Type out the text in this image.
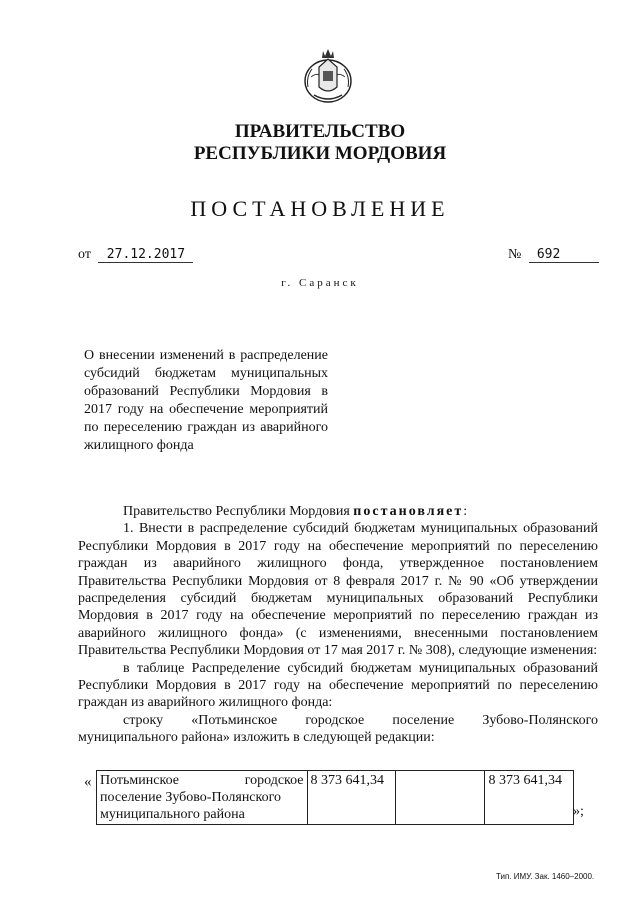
ПРАВИТЕЛЬСТВО
РЕСПУБЛИКИ МОРДОВИЯ
ПОСТАНОВЛЕНИЕ
от 27.12.2017	№ 692
г. Саранск
О внесении изменений в распределение субсидий бюджетам муниципальных образований Республики Мордовия в 2017 году на обеспечение мероприятий по переселению граждан из аварийного жилищного фонда

Правительство Республики Мордовия постановляет:

1. Внести в распределение субсидий бюджетам муниципальных образований Республики Мордовия в 2017 году на обеспечение мероприятий по переселению граждан из аварийного жилищного фонда, утвержденное постановлением Правительства Республики Мордовия от 8 февраля 2017 г. № 90 «Об утверждении распределения субсидий бюджетам муниципальных образований Республики Мордовия в 2017 году на обеспечение мероприятий по переселению граждан из аварийного жилищного фонда» (с изменениями, внесенными постановлением Правительства Республики Мордовия от 17 мая 2017 г. № 308), следующие изменения:

в таблице Распределение субсидий бюджетам муниципальных образований Республики Мордовия в 2017 году на обеспечение мероприятий по переселению граждан из аварийного жилищного фонда:

строку «Потьминское городское поселение Зубово-Полянского муниципального района» изложить в следующей редакции:

« Потьминское городское
поселение Зубово-Полянского
муниципального района
	8 373 641,34		8 373 641,34
»;
Тип. ИМУ. Зак. 1460–2000.
